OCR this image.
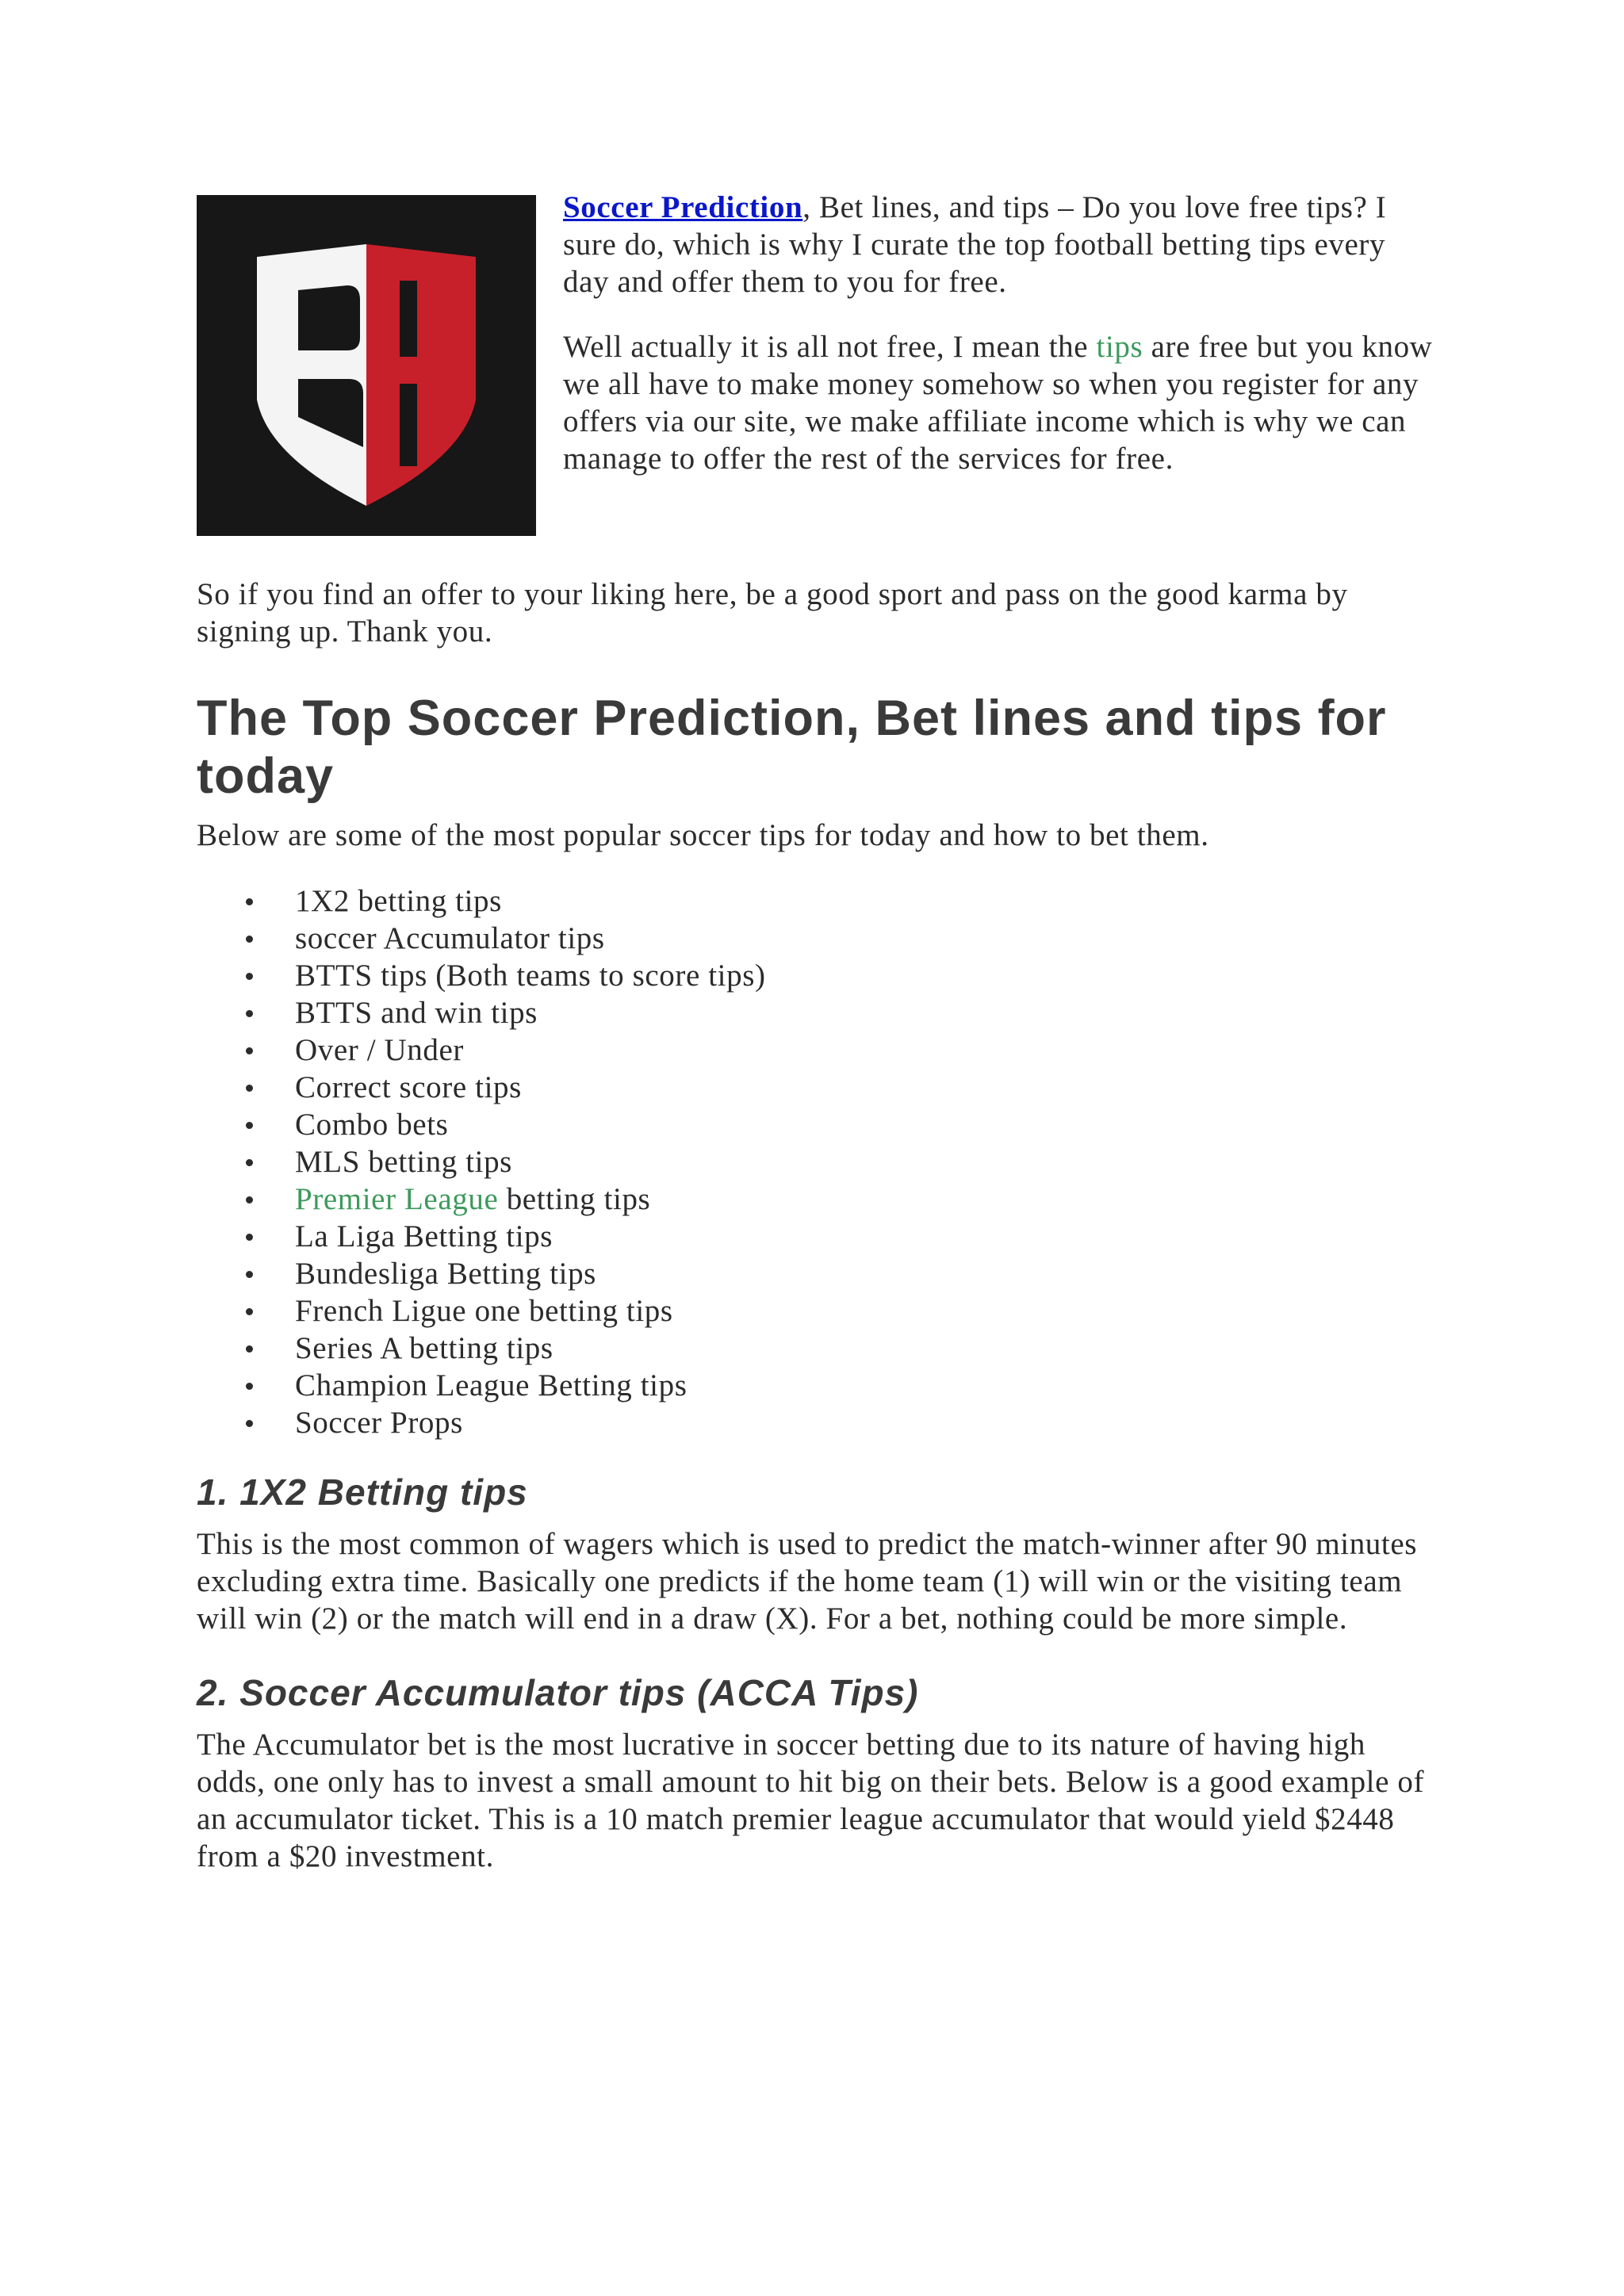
Soccer Prediction, Bet lines, and tips – Do you love free tips? I sure do, which is why I curate the top football betting tips every day and offer them to you for free.

Well actually it is all not free, I mean the tips are free but you know we all have to make money somehow so when you register for any offers via our site, we make affiliate income which is why we can manage to offer the rest of the services for free.

So if you find an offer to your liking here, be a good sport and pass on the good karma by signing up. Thank you.

The Top Soccer Prediction, Bet lines and tips for today

Below are some of the most popular soccer tips for today and how to bet them.

1X2 betting tips
soccer Accumulator tips
BTTS tips (Both teams to score tips)
BTTS and win tips
Over / Under
Correct score tips
Combo bets
MLS betting tips
Premier League betting tips
La Liga Betting tips
Bundesliga Betting tips
French Ligue one betting tips
Series A betting tips
Champion League Betting tips
Soccer Props
1. 1X2 Betting tips

This is the most common of wagers which is used to predict the match-winner after 90 minutes excluding extra time. Basically one predicts if the home team (1) will win or the visiting team will win (2) or the match will end in a draw (X). For a bet, nothing could be more simple.

2. Soccer Accumulator tips (ACCA Tips)

The Accumulator bet is the most lucrative in soccer betting due to its nature of having high odds, one only has to invest a small amount to hit big on their bets. Below is a good example of an accumulator ticket. This is a 10 match premier league accumulator that would yield $2448 from a $20 investment.
